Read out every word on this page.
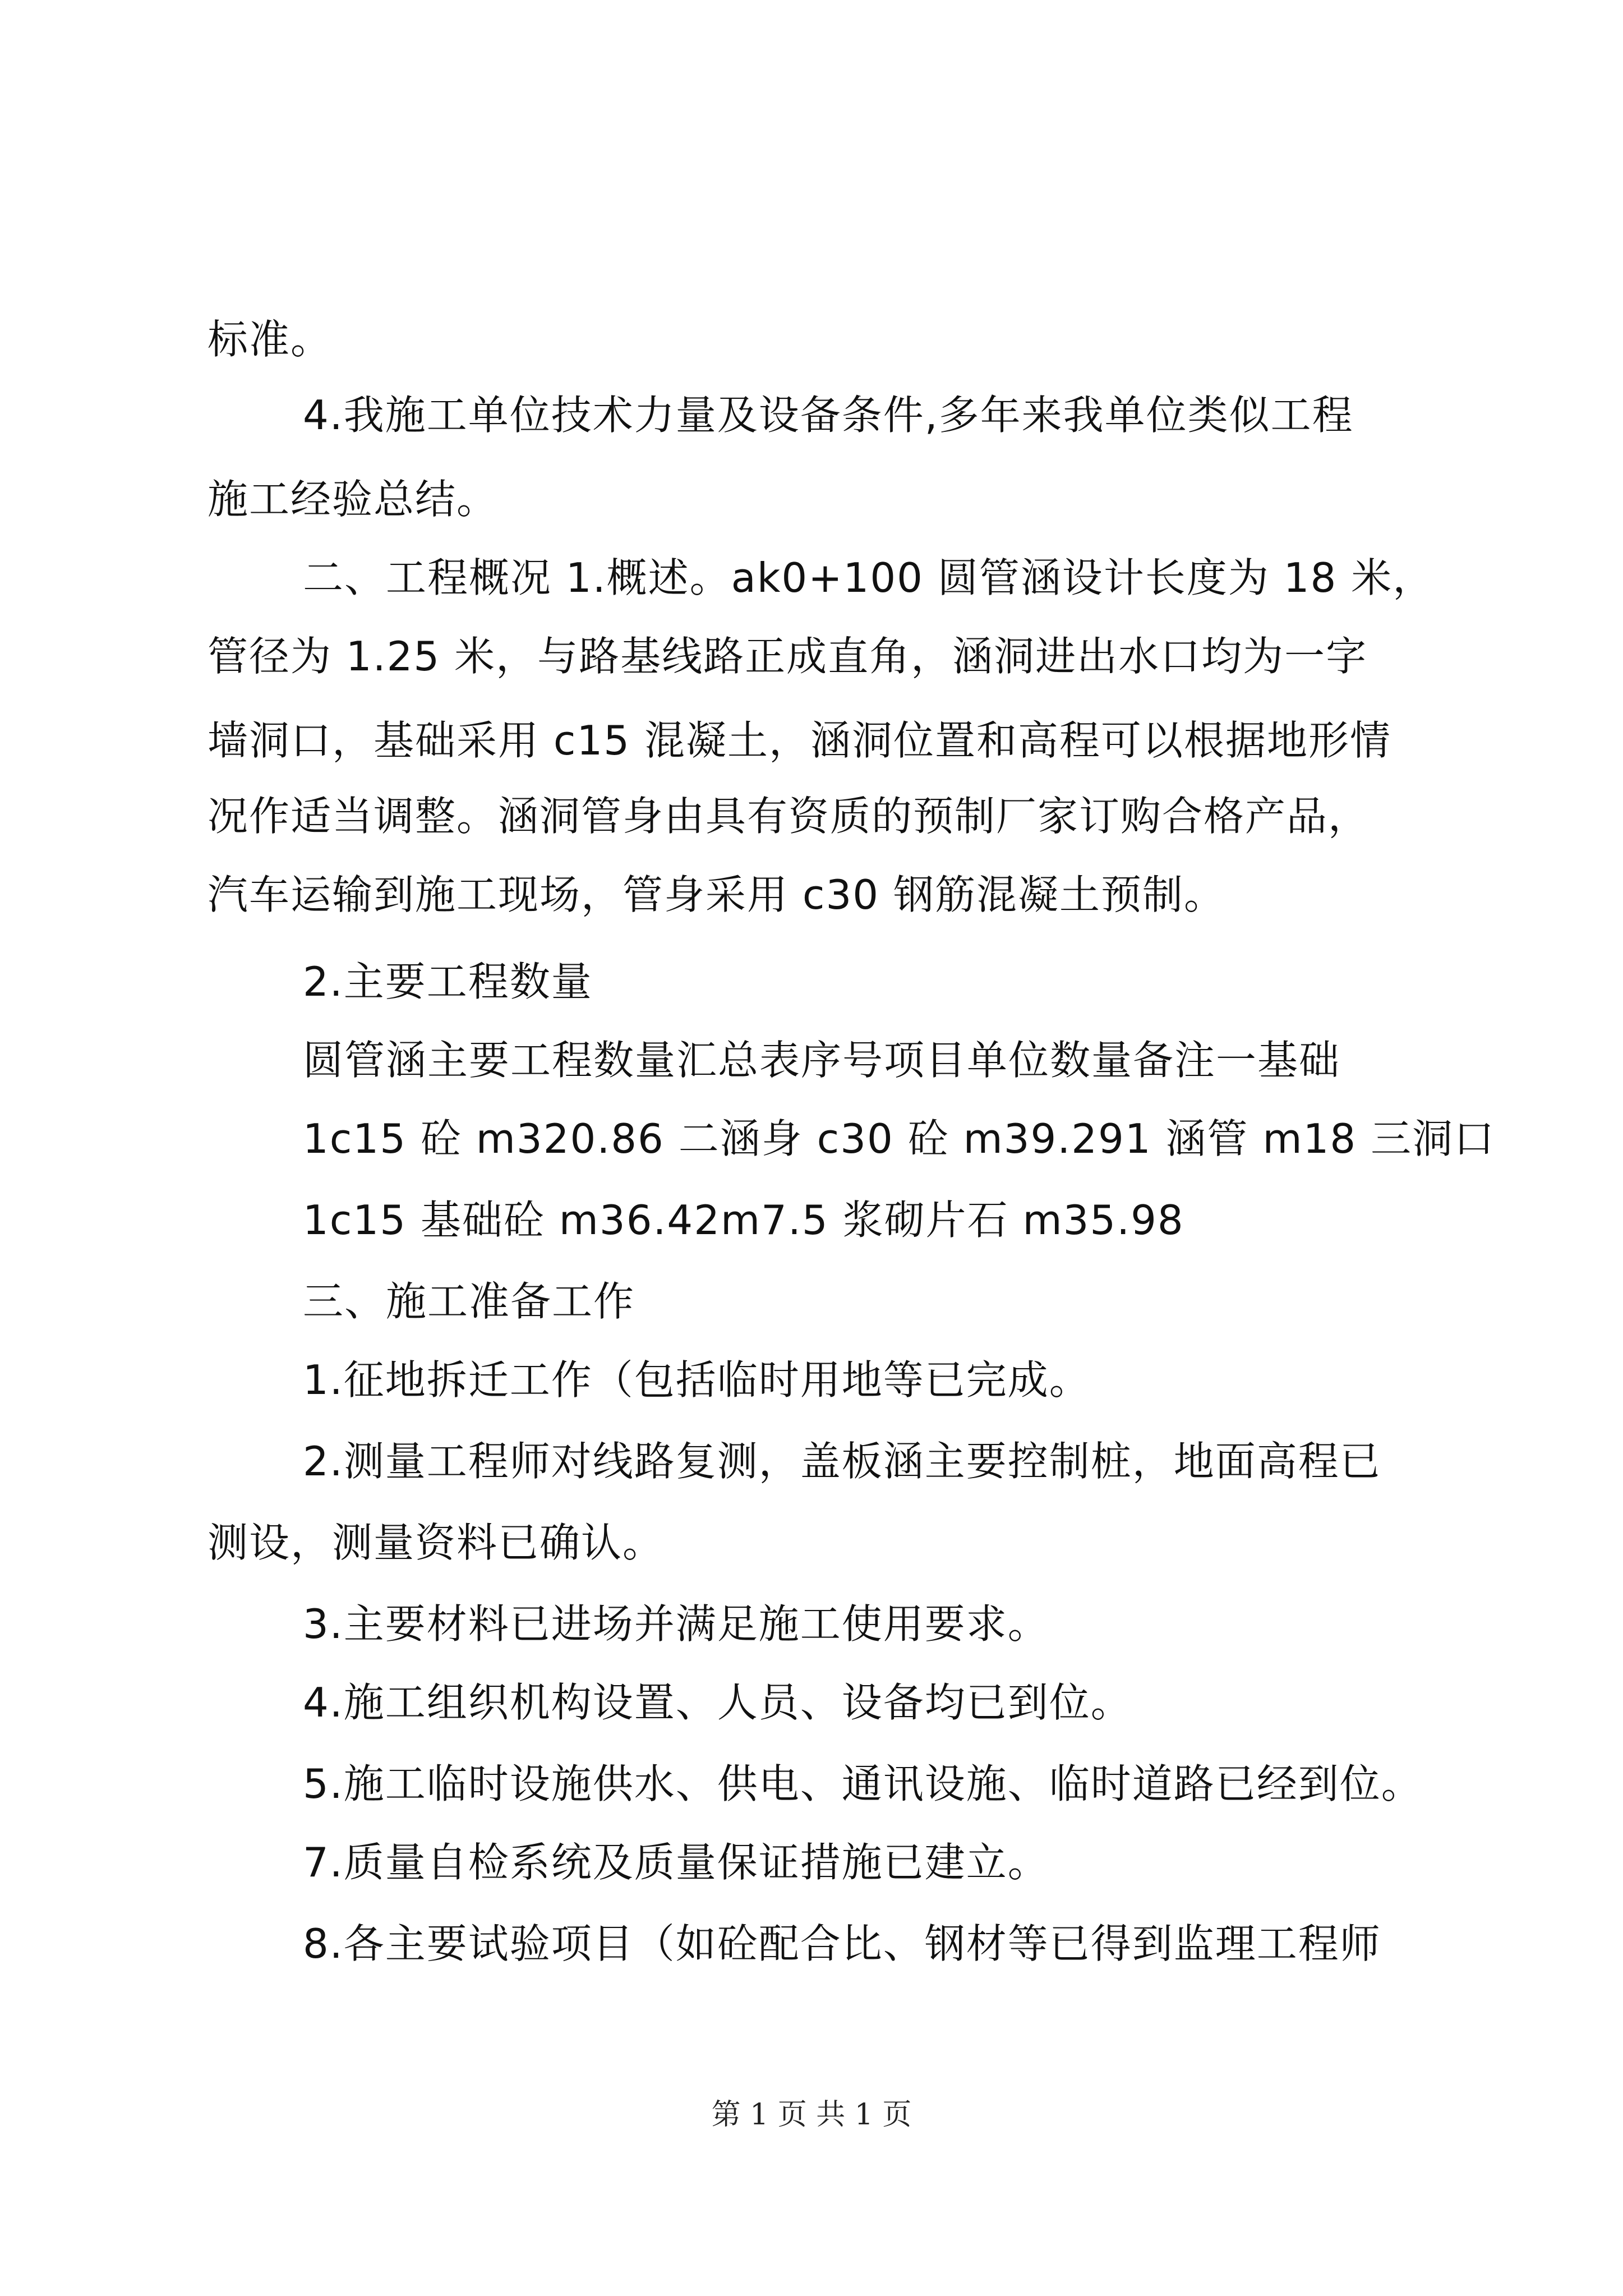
标准。
4.我施工单位技术力量及设备条件,多年来我单位类似工程
施工经验总结。
二、工程概况 1.概述。ak0+100 圆管涵设计长度为 18 米，
管径为 1.25 米，与路基线路正成直角，涵洞进出水口均为一字
墙洞口，基础采用 c15 混凝土，涵洞位置和高程可以根据地形情
况作适当调整。涵洞管身由具有资质的预制厂家订购合格产品，
汽车运输到施工现场，管身采用 c30 钢筋混凝土预制。
2.主要工程数量
圆管涵主要工程数量汇总表序号项目单位数量备注一基础
1c15 砼 m320.86 二涵身 c30 砼 m39.291 涵管 m18 三洞口
1c15 基础砼 m36.42m7.5 浆砌片石 m35.98
三、施工准备工作
1.征地拆迁工作（包括临时用地等已完成。
2.测量工程师对线路复测，盖板涵主要控制桩，地面高程已
测设，测量资料已确认。
3.主要材料已进场并满足施工使用要求。
4.施工组织机构设置、人员、设备均已到位。
5.施工临时设施供水、供电、通讯设施、临时道路已经到位。
7.质量自检系统及质量保证措施已建立。
8.各主要试验项目（如砼配合比、钢材等已得到监理工程师
第 1 页 共 1 页
